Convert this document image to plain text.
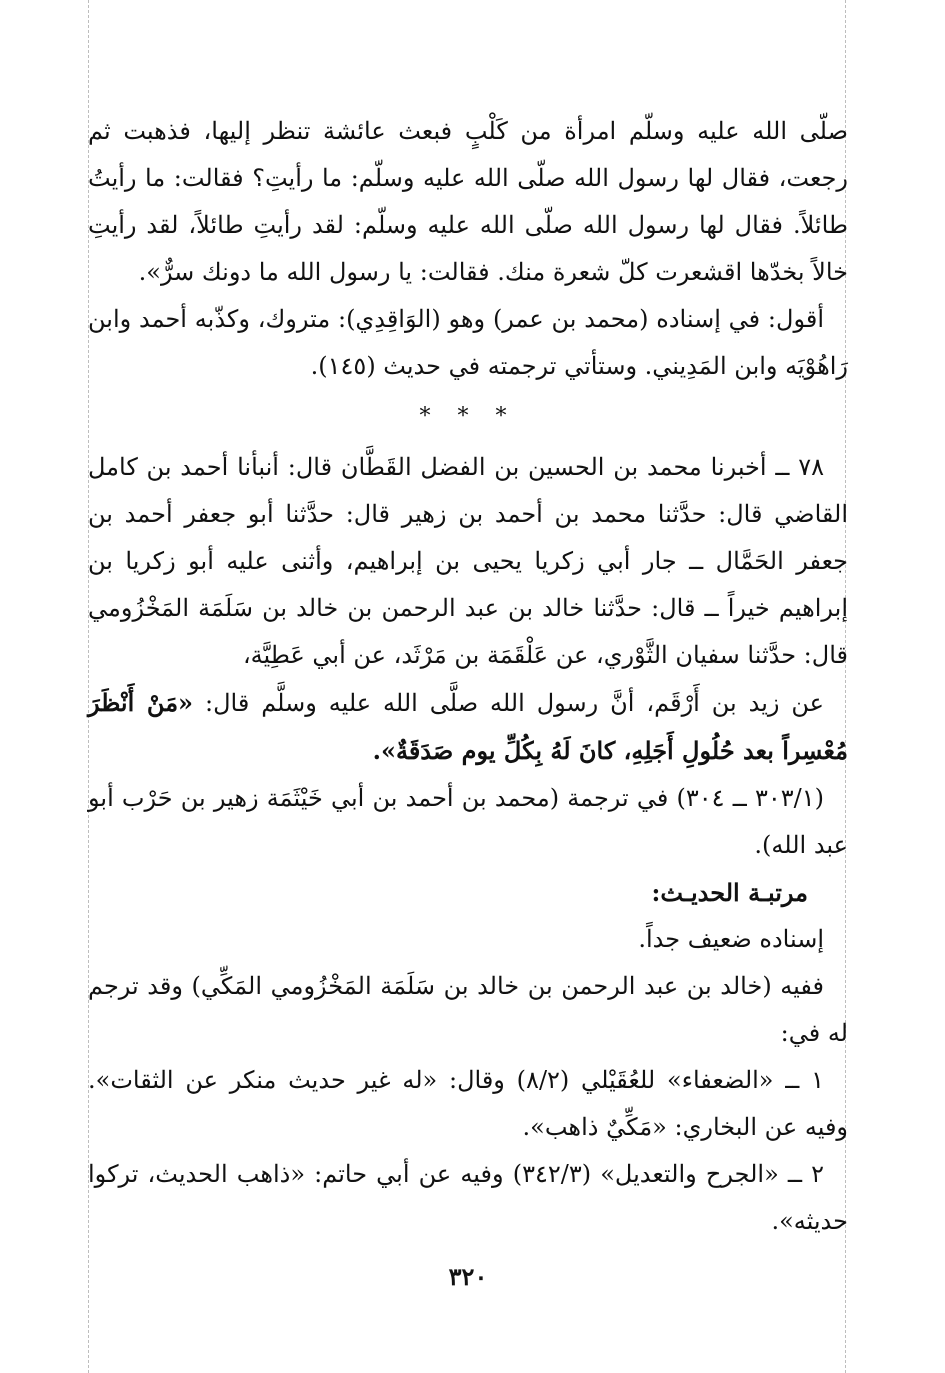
صلّى الله عليه وسلّم امرأة من كَلْبٍ فبعث عائشة تنظر إليها، فذهبت ثم رجعت، فقال لها رسول الله صلّى الله عليه وسلّم: ما رأيتِ؟ فقالت: ما رأيتُ طائلاً. فقال لها رسول الله صلّى الله عليه وسلّم: لقد رأيتِ طائلاً، لقد رأيتِ خالاً بخدّها اقشعرت كلّ شعرة منك. فقالت: يا رسول الله ما دونك سرٌّ».

أقول: في إسناده (محمد بن عمر) وهو (الوَاقِدِي): متروك، وكذّبه أحمد وابن رَاهُوْيَه وابن المَدِيني. وستأتي ترجمته في حديث (١٤٥).

* * *

٧٨ ــ أخبرنا محمد بن الحسين بن الفضل القَطَّان قال: أنبأنا أحمد بن كامل القاضي قال: حدَّثنا محمد بن أحمد بن زهير قال: حدَّثنا أبو جعفر أحمد بن جعفر الحَمَّال ــ جار أبي زكريا يحيى بن إبراهيم، وأثنى عليه أبو زكريا بن إبراهيم خيراً ــ قال: حدَّثنا خالد بن عبد الرحمن بن خالد بن سَلَمَة المَخْزُومي قال: حدَّثنا سفيان الثَّوْري، عن عَلْقَمَة بن مَرْثَد، عن أبي عَطِيَّة،

عن زيد بن أَرْقَم، أنَّ رسول الله صلَّى الله عليه وسلَّم قال: «مَنْ أَنْظَرَ مُعْسِراً بعد حُلُولِ أَجَلِهِ، كانَ لَهُ بِكُلِّ يوم صَدَقَةٌ».

(٣٠٣/١ ــ ٣٠٤) في ترجمة (محمد بن أحمد بن أبي خَيْثَمَة زهير بن حَرْب أبو عبد الله).

مرتبـة الحديـث:

إسناده ضعيف جداً.

ففيه (خالد بن عبد الرحمن بن خالد بن سَلَمَة المَخْزُومي المَكِّي) وقد ترجم له في:

١ ــ «الضعفاء» للعُقَيْلي (٨/٢) وقال: «له غير حديث منكر عن الثقات». وفيه عن البخاري: «مَكِّيٌ ذاهب».

٢ ــ «الجرح والتعديل» (٣٤٢/٣) وفيه عن أبي حاتم: «ذاهب الحديث، تركوا حديثه».

٣٢٠
